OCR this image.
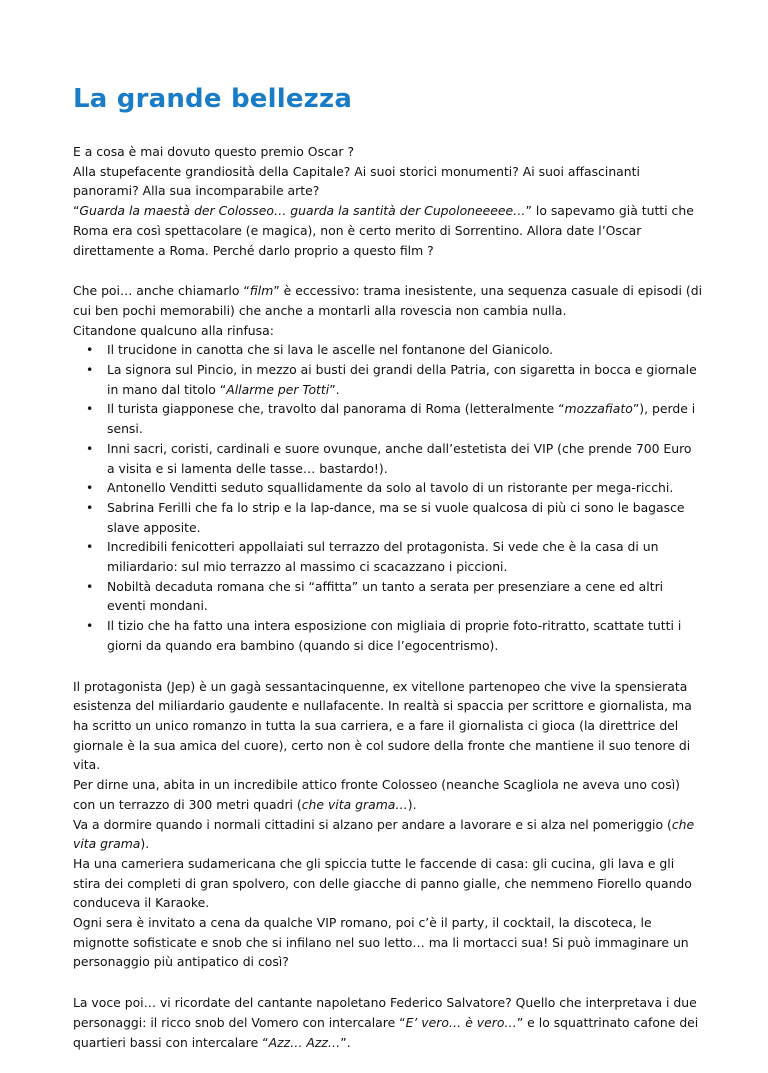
La grande bellezza
E a cosa è mai dovuto questo premio Oscar ?
Alla stupefacente grandiosità della Capitale? Ai suoi storici monumenti? Ai suoi affascinanti panorami? Alla sua incomparabile arte?
“Guarda la maestà der Colosseo… guarda la santità der Cupoloneeeee…” lo sapevamo già tutti che Roma era così spettacolare (e magica), non è certo merito di Sorrentino. Allora date l’Oscar direttamente a Roma. Perché darlo proprio a questo film ?
Che poi… anche chiamarlo “film” è eccessivo: trama inesistente, una sequenza casuale di episodi (di cui ben pochi memorabili) che anche a montarli alla rovescia non cambia nulla.
Citandone qualcuno alla rinfusa:
• Il trucidone in canotta che si lava le ascelle nel fontanone del Gianicolo.
• La signora sul Pincio, in mezzo ai busti dei grandi della Patria, con sigaretta in bocca e giornale in mano dal titolo “Allarme per Totti”.
• Il turista giapponese che, travolto dal panorama di Roma (letteralmente “mozzafiato”), perde i sensi.
• Inni sacri, coristi, cardinali e suore ovunque, anche dall’estetista dei VIP (che prende 700 Euro a visita e si lamenta delle tasse… bastardo!).
• Antonello Venditti seduto squallidamente da solo al tavolo di un ristorante per mega-ricchi.
• Sabrina Ferilli che fa lo strip e la lap-dance, ma se si vuole qualcosa di più ci sono le bagasce slave apposite.
• Incredibili fenicotteri appollaiati sul terrazzo del protagonista. Si vede che è la casa di un miliardario: sul mio terrazzo al massimo ci scacazzano i piccioni.
• Nobiltà decaduta romana che si “affitta” un tanto a serata per presenziare a cene ed altri eventi mondani.
• Il tizio che ha fatto una intera esposizione con migliaia di proprie foto-ritratto, scattate tutti i giorni da quando era bambino (quando si dice l’egocentrismo).
Il protagonista (Jep) è un gagà sessantacinquenne, ex vitellone partenopeo che vive la spensierata esistenza del miliardario gaudente e nullafacente. In realtà si spaccia per scrittore e giornalista, ma ha scritto un unico romanzo in tutta la sua carriera, e a fare il giornalista ci gioca (la direttrice del giornale è la sua amica del cuore), certo non è col sudore della fronte che mantiene il suo tenore di vita.
Per dirne una, abita in un incredibile attico fronte Colosseo (neanche Scagliola ne aveva uno così) con un terrazzo di 300 metri quadri (che vita grama…).
Va a dormire quando i normali cittadini si alzano per andare a lavorare e si alza nel pomeriggio (che vita grama).
Ha una cameriera sudamericana che gli spiccia tutte le faccende di casa: gli cucina, gli lava e gli stira dei completi di gran spolvero, con delle giacche di panno gialle, che nemmeno Fiorello quando conduceva il Karaoke.
Ogni sera è invitato a cena da qualche VIP romano, poi c’è il party, il cocktail, la discoteca, le mignotte sofisticate e snob che si infilano nel suo letto… ma li mortacci sua! Si può immaginare un personaggio più antipatico di così?
La voce poi… vi ricordate del cantante napoletano Federico Salvatore? Quello che interpretava i due personaggi: il ricco snob del Vomero con intercalare “E’ vero… è vero…” e lo squattrinato cafone dei quartieri bassi con intercalare “Azz… Azz…”.
